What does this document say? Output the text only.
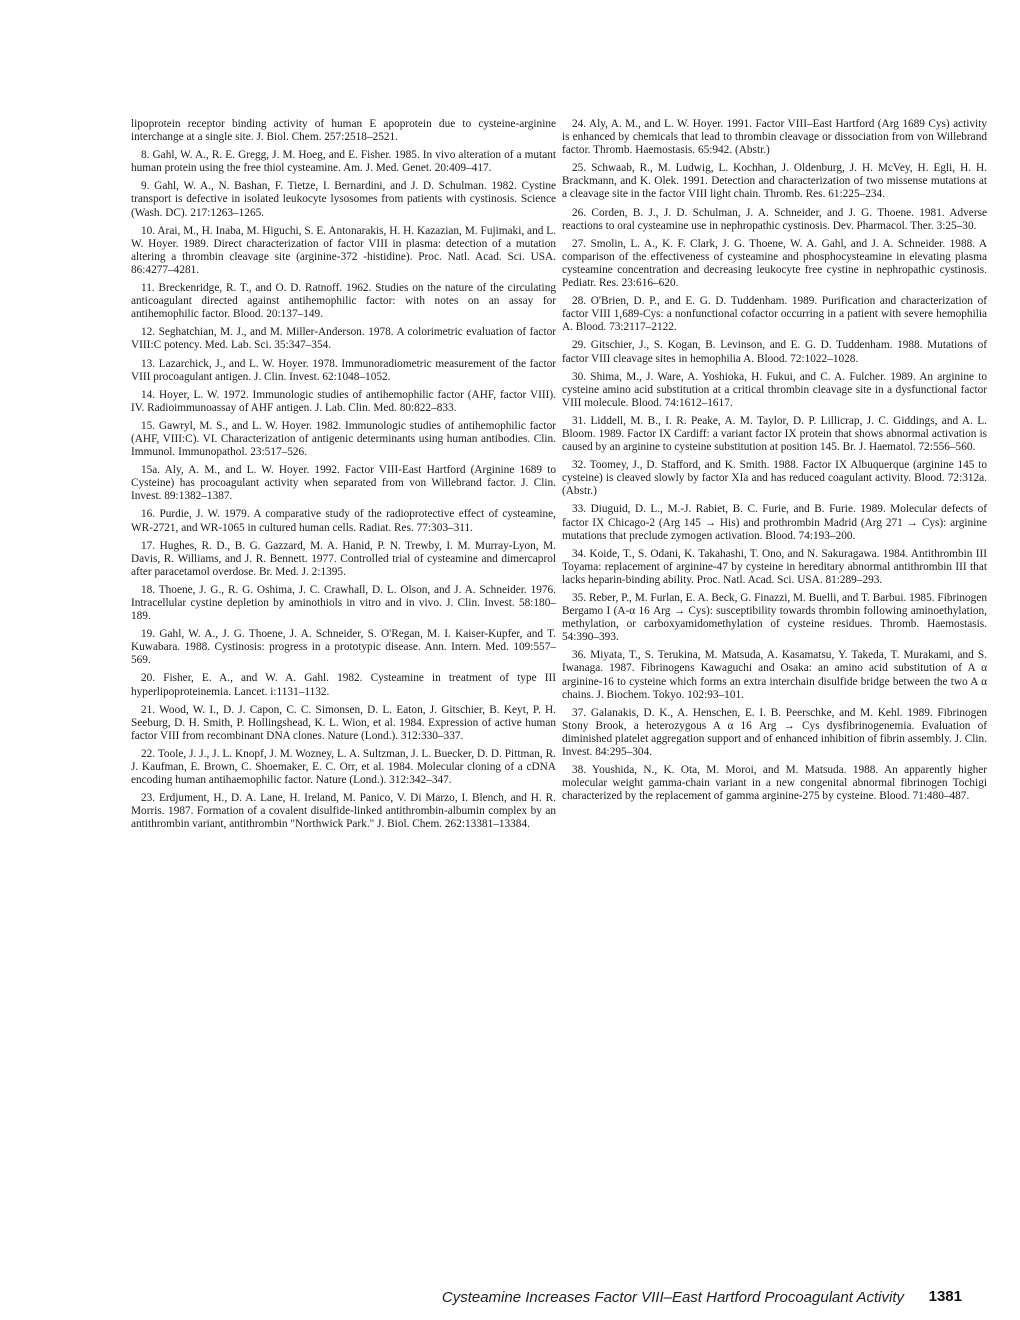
lipoprotein receptor binding activity of human E apoprotein due to cysteine-arginine interchange at a single site. J. Biol. Chem. 257:2518–2521.

8. Gahl, W. A., R. E. Gregg, J. M. Hoeg, and E. Fisher. 1985. In vivo alteration of a mutant human protein using the free thiol cysteamine. Am. J. Med. Genet. 20:409–417.

9. Gahl, W. A., N. Bashan, F. Tietze, I. Bernardini, and J. D. Schulman. 1982. Cystine transport is defective in isolated leukocyte lysosomes from patients with cystinosis. Science (Wash. DC). 217:1263–1265.

10. Arai, M., H. Inaba, M. Higuchi, S. E. Antonarakis, H. H. Kazazian, M. Fujimaki, and L. W. Hoyer. 1989. Direct characterization of factor VIII in plasma: detection of a mutation altering a thrombin cleavage site (arginine-372 -histidine). Proc. Natl. Acad. Sci. USA. 86:4277–4281.

11. Breckenridge, R. T., and O. D. Ratnoff. 1962. Studies on the nature of the circulating anticoagulant directed against antihemophilic factor: with notes on an assay for antihemophilic factor. Blood. 20:137–149.

12. Seghatchian, M. J., and M. Miller-Anderson. 1978. A colorimetric evaluation of factor VIII:C potency. Med. Lab. Sci. 35:347–354.

13. Lazarchick, J., and L. W. Hoyer. 1978. Immunoradiometric measurement of the factor VIII procoagulant antigen. J. Clin. Invest. 62:1048–1052.

14. Hoyer, L. W. 1972. Immunologic studies of antihemophilic factor (AHF, factor VIII). IV. Radioimmunoassay of AHF antigen. J. Lab. Clin. Med. 80:822–833.

15. Gawryl, M. S., and L. W. Hoyer. 1982. Immunologic studies of antihemophilic factor (AHF, VIII:C). VI. Characterization of antigenic determinants using human antibodies. Clin. Immunol. Immunopathol. 23:517–526.

15a. Aly, A. M., and L. W. Hoyer. 1992. Factor VIII-East Hartford (Arginine 1689 to Cysteine) has procoagulant activity when separated from von Willebrand factor. J. Clin. Invest. 89:1382–1387.

16. Purdie, J. W. 1979. A comparative study of the radioprotective effect of cysteamine, WR-2721, and WR-1065 in cultured human cells. Radiat. Res. 77:303–311.

17. Hughes, R. D., B. G. Gazzard, M. A. Hanid, P. N. Trewby, I. M. Murray-Lyon, M. Davis, R. Williams, and J. R. Bennett. 1977. Controlled trial of cysteamine and dimercaprol after paracetamol overdose. Br. Med. J. 2:1395.

18. Thoene, J. G., R. G. Oshima, J. C. Crawhall, D. L. Olson, and J. A. Schneider. 1976. Intracellular cystine depletion by aminothiols in vitro and in vivo. J. Clin. Invest. 58:180–189.

19. Gahl, W. A., J. G. Thoene, J. A. Schneider, S. O'Regan, M. I. Kaiser-Kupfer, and T. Kuwabara. 1988. Cystinosis: progress in a prototypic disease. Ann. Intern. Med. 109:557–569.

20. Fisher, E. A., and W. A. Gahl. 1982. Cysteamine in treatment of type III hyperlipoproteinemia. Lancet. i:1131–1132.

21. Wood, W. I., D. J. Capon, C. C. Simonsen, D. L. Eaton, J. Gitschier, B. Keyt, P. H. Seeburg, D. H. Smith, P. Hollingshead, K. L. Wion, et al. 1984. Expression of active human factor VIII from recombinant DNA clones. Nature (Lond.). 312:330–337.

22. Toole, J. J., J. L. Knopf, J. M. Wozney, L. A. Sultzman, J. L. Buecker, D. D. Pittman, R. J. Kaufman, E. Brown, C. Shoemaker, E. C. Orr, et al. 1984. Molecular cloning of a cDNA encoding human antihaemophilic factor. Nature (Lond.). 312:342–347.

23. Erdjument, H., D. A. Lane, H. Ireland, M. Panico, V. Di Marzo, I. Blench, and H. R. Morris. 1987. Formation of a covalent disulfide-linked antithrombin-albumin complex by an antithrombin variant, antithrombin "Northwick Park." J. Biol. Chem. 262:13381–13384.

24. Aly, A. M., and L. W. Hoyer. 1991. Factor VIII–East Hartford (Arg 1689 Cys) activity is enhanced by chemicals that lead to thrombin cleavage or dissociation from von Willebrand factor. Thromb. Haemostasis. 65:942. (Abstr.)

25. Schwaab, R., M. Ludwig, L. Kochhan, J. Oldenburg, J. H. McVey, H. Egli, H. H. Brackmann, and K. Olek. 1991. Detection and characterization of two missense mutations at a cleavage site in the factor VIII light chain. Thromb. Res. 61:225–234.

26. Corden, B. J., J. D. Schulman, J. A. Schneider, and J. G. Thoene. 1981. Adverse reactions to oral cysteamine use in nephropathic cystinosis. Dev. Pharmacol. Ther. 3:25–30.

27. Smolin, L. A., K. F. Clark, J. G. Thoene, W. A. Gahl, and J. A. Schneider. 1988. A comparison of the effectiveness of cysteamine and phosphocysteamine in elevating plasma cysteamine concentration and decreasing leukocyte free cystine in nephropathic cystinosis. Pediatr. Res. 23:616–620.

28. O'Brien, D. P., and E. G. D. Tuddenham. 1989. Purification and characterization of factor VIII 1,689-Cys: a nonfunctional cofactor occurring in a patient with severe hemophilia A. Blood. 73:2117–2122.

29. Gitschier, J., S. Kogan, B. Levinson, and E. G. D. Tuddenham. 1988. Mutations of factor VIII cleavage sites in hemophilia A. Blood. 72:1022–1028.

30. Shima, M., J. Ware, A. Yoshioka, H. Fukui, and C. A. Fulcher. 1989. An arginine to cysteine amino acid substitution at a critical thrombin cleavage site in a dysfunctional factor VIII molecule. Blood. 74:1612–1617.

31. Liddell, M. B., I. R. Peake, A. M. Taylor, D. P. Lillicrap, J. C. Giddings, and A. L. Bloom. 1989. Factor IX Cardiff: a variant factor IX protein that shows abnormal activation is caused by an arginine to cysteine substitution at position 145. Br. J. Haematol. 72:556–560.

32. Toomey, J., D. Stafford, and K. Smith. 1988. Factor IX Albuquerque (arginine 145 to cysteine) is cleaved slowly by factor XIa and has reduced coagulant activity. Blood. 72:312a. (Abstr.)

33. Diuguid, D. L., M.-J. Rabiet, B. C. Furie, and B. Furie. 1989. Molecular defects of factor IX Chicago-2 (Arg 145 → His) and prothrombin Madrid (Arg 271 → Cys): arginine mutations that preclude zymogen activation. Blood. 74:193–200.

34. Koide, T., S. Odani, K. Takahashi, T. Ono, and N. Sakuragawa. 1984. Antithrombin III Toyama: replacement of arginine-47 by cysteine in hereditary abnormal antithrombin III that lacks heparin-binding ability. Proc. Natl. Acad. Sci. USA. 81:289–293.

35. Reber, P., M. Furlan, E. A. Beck, G. Finazzi, M. Buelli, and T. Barbui. 1985. Fibrinogen Bergamo I (A-α 16 Arg → Cys): susceptibility towards thrombin following aminoethylation, methylation, or carboxyamidomethylation of cysteine residues. Thromb. Haemostasis. 54:390–393.

36. Miyata, T., S. Terukina, M. Matsuda, A. Kasamatsu, Y. Takeda, T. Murakami, and S. Iwanaga. 1987. Fibrinogens Kawaguchi and Osaka: an amino acid substitution of A α arginine-16 to cysteine which forms an extra interchain disulfide bridge between the two A α chains. J. Biochem. Tokyo. 102:93–101.

37. Galanakis, D. K., A. Henschen, E. I. B. Peerschke, and M. Kehl. 1989. Fibrinogen Stony Brook, a heterozygous A α 16 Arg → Cys dysfibrinogenemia. Evaluation of diminished platelet aggregation support and of enhanced inhibition of fibrin assembly. J. Clin. Invest. 84:295–304.

38. Youshida, N., K. Ota, M. Moroi, and M. Matsuda. 1988. An apparently higher molecular weight gamma-chain variant in a new congenital abnormal fibrinogen Tochigi characterized by the replacement of gamma arginine-275 by cysteine. Blood. 71:480–487.

Cysteamine Increases Factor VIII–East Hartford Procoagulant Activity 1381
